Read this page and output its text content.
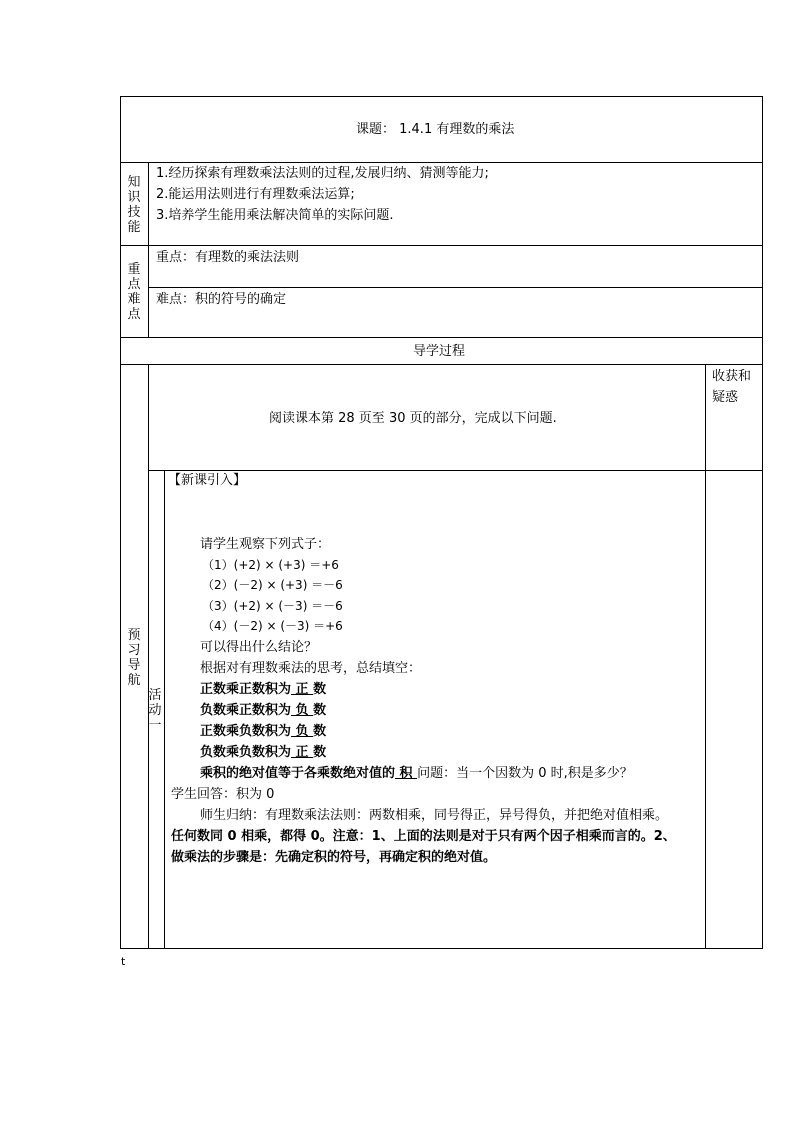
课题： 1.4.1 有理数的乘法
知
识
技
能
1.经历探索有理数乘法法则的过程,发展归纳、猜测等能力;
2.能运用法则进行有理数乘法运算;
3.培养学生能用乘法解决简单的实际问题.
重
点
难
点
重点：有理数的乘法法则
难点：积的符号的确定
导学过程
预
习
导
航
收获和
疑惑
阅读课本第 28 页至 30 页的部分，完成以下问题.
活
动
一
【新课引入】
请学生观察下列式子：
（1）(+2) × (+3) ＝+6
（2）(－2) × (+3) ＝－6
（3）(+2) × (－3) ＝－6
（4）(－2) × (－3) ＝+6
可以得出什么结论？
根据对有理数乘法的思考，总结填空：
正数乘正数积为 正 数
负数乘正数积为 负 数
正数乘负数积为 负 数
负数乘负数积为 正 数
乘积的绝对值等于各乘数绝对值的 积 问题：当一个因数为 0 时,积是多少？
学生回答：积为 0
师生归纳：有理数乘法法则：两数相乘，同号得正，异号得负，并把绝对值相乘。
任何数同 0 相乘，都得 0。注意：1、上面的法则是对于只有两个因子相乘而言的。2、
做乘法的步骤是：先确定积的符号，再确定积的绝对值。
t
